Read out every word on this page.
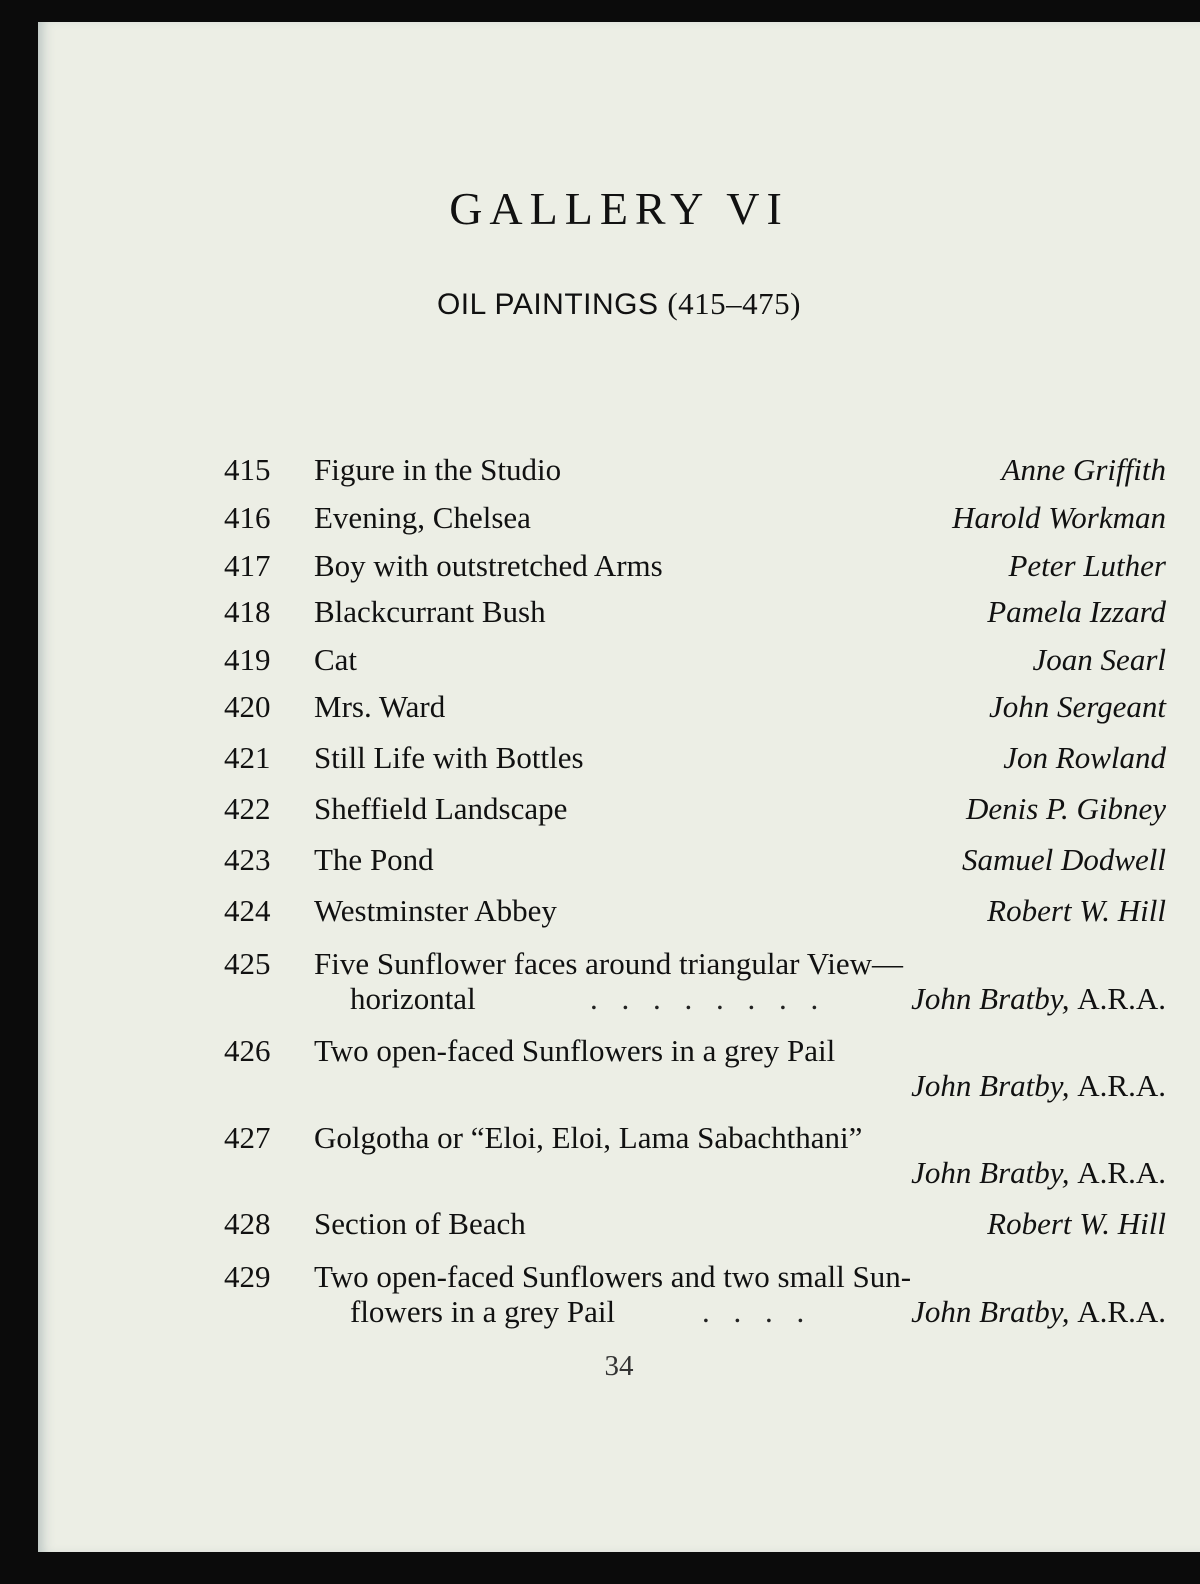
GALLERY VI
OIL PAINTINGS (415–475)
415	Figure in the Studio	Anne Griffith
416	Evening, Chelsea	Harold Workman
417	Boy with outstretched Arms	Peter Luther
418	Blackcurrant Bush	Pamela Izzard
419	Cat	Joan Searl
420	Mrs. Ward	John Sergeant
421	Still Life with Bottles	Jon Rowland
422	Sheffield Landscape	Denis P. Gibney
423	The Pond	Samuel Dodwell
424	Westminster Abbey	Robert W. Hill
425	Five Sunflower faces around triangular View—
horizontal	. . . . . . . .	John Bratby, A.R.A.
426	Two open-faced Sunflowers in a grey Pail
John Bratby, A.R.A.
427	Golgotha or “Eloi, Eloi, Lama Sabachthani”
John Bratby, A.R.A.
428	Section of Beach	Robert W. Hill
429	Two open-faced Sunflowers and two small Sun-
flowers in a grey Pail	. . . .	John Bratby, A.R.A.
34
